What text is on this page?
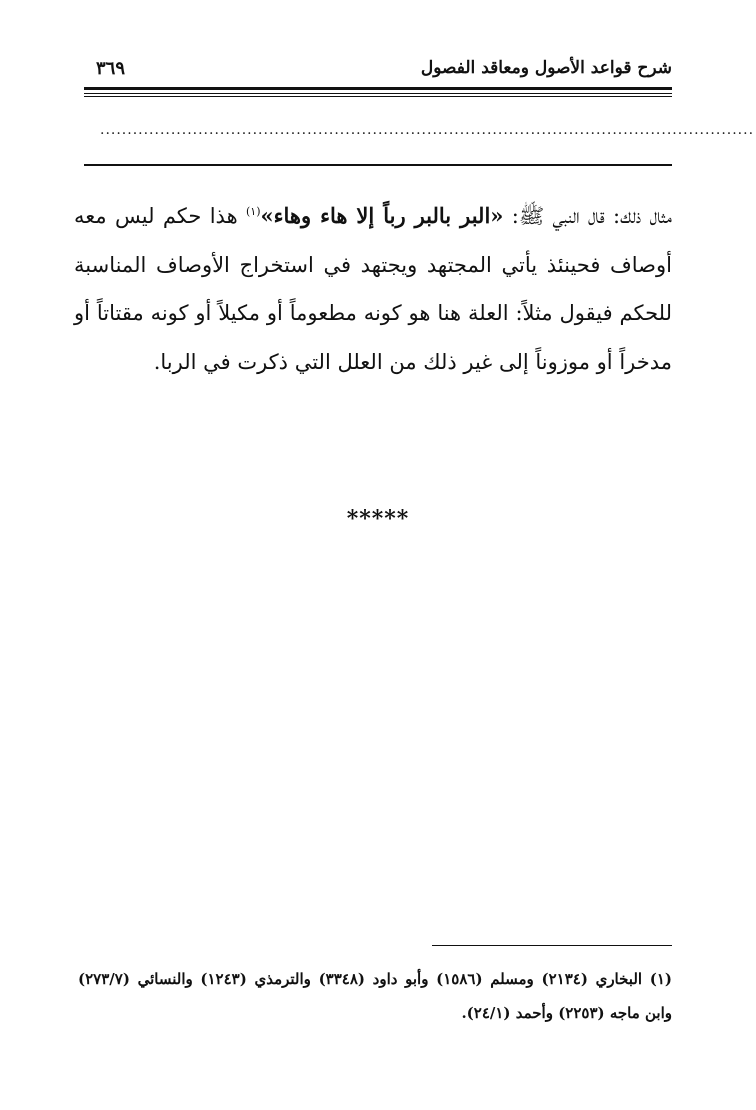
شرح قواعد الأصول ومعاقد الفصول
٣٦٩
........................................................................................................................
مثال ذلك: قال النبي ﷺ: «البر بالبر رباً إلا هاء وهاء»$^{(١)}$ هذا حكم ليس معه أوصاف فحينئذ يأتي المجتهد ويجتهد في استخراج الأوصاف المناسبة للحكم فيقول مثلاً: العلة هنا هو كونه مطعوماً أو مكيلاً أو كونه مقتاتاً أو مدخراً أو موزوناً إلى غير ذلك من العلل التي ذكرت في الربا.
*****
(١) البخاري (٢١٣٤) ومسلم (١٥٨٦) وأبو داود (٣٣٤٨) والترمذي (١٢٤٣) والنسائي (٢٧٣/٧) وابن ماجه (٢٢٥٣) وأحمد (٢٤/١).
